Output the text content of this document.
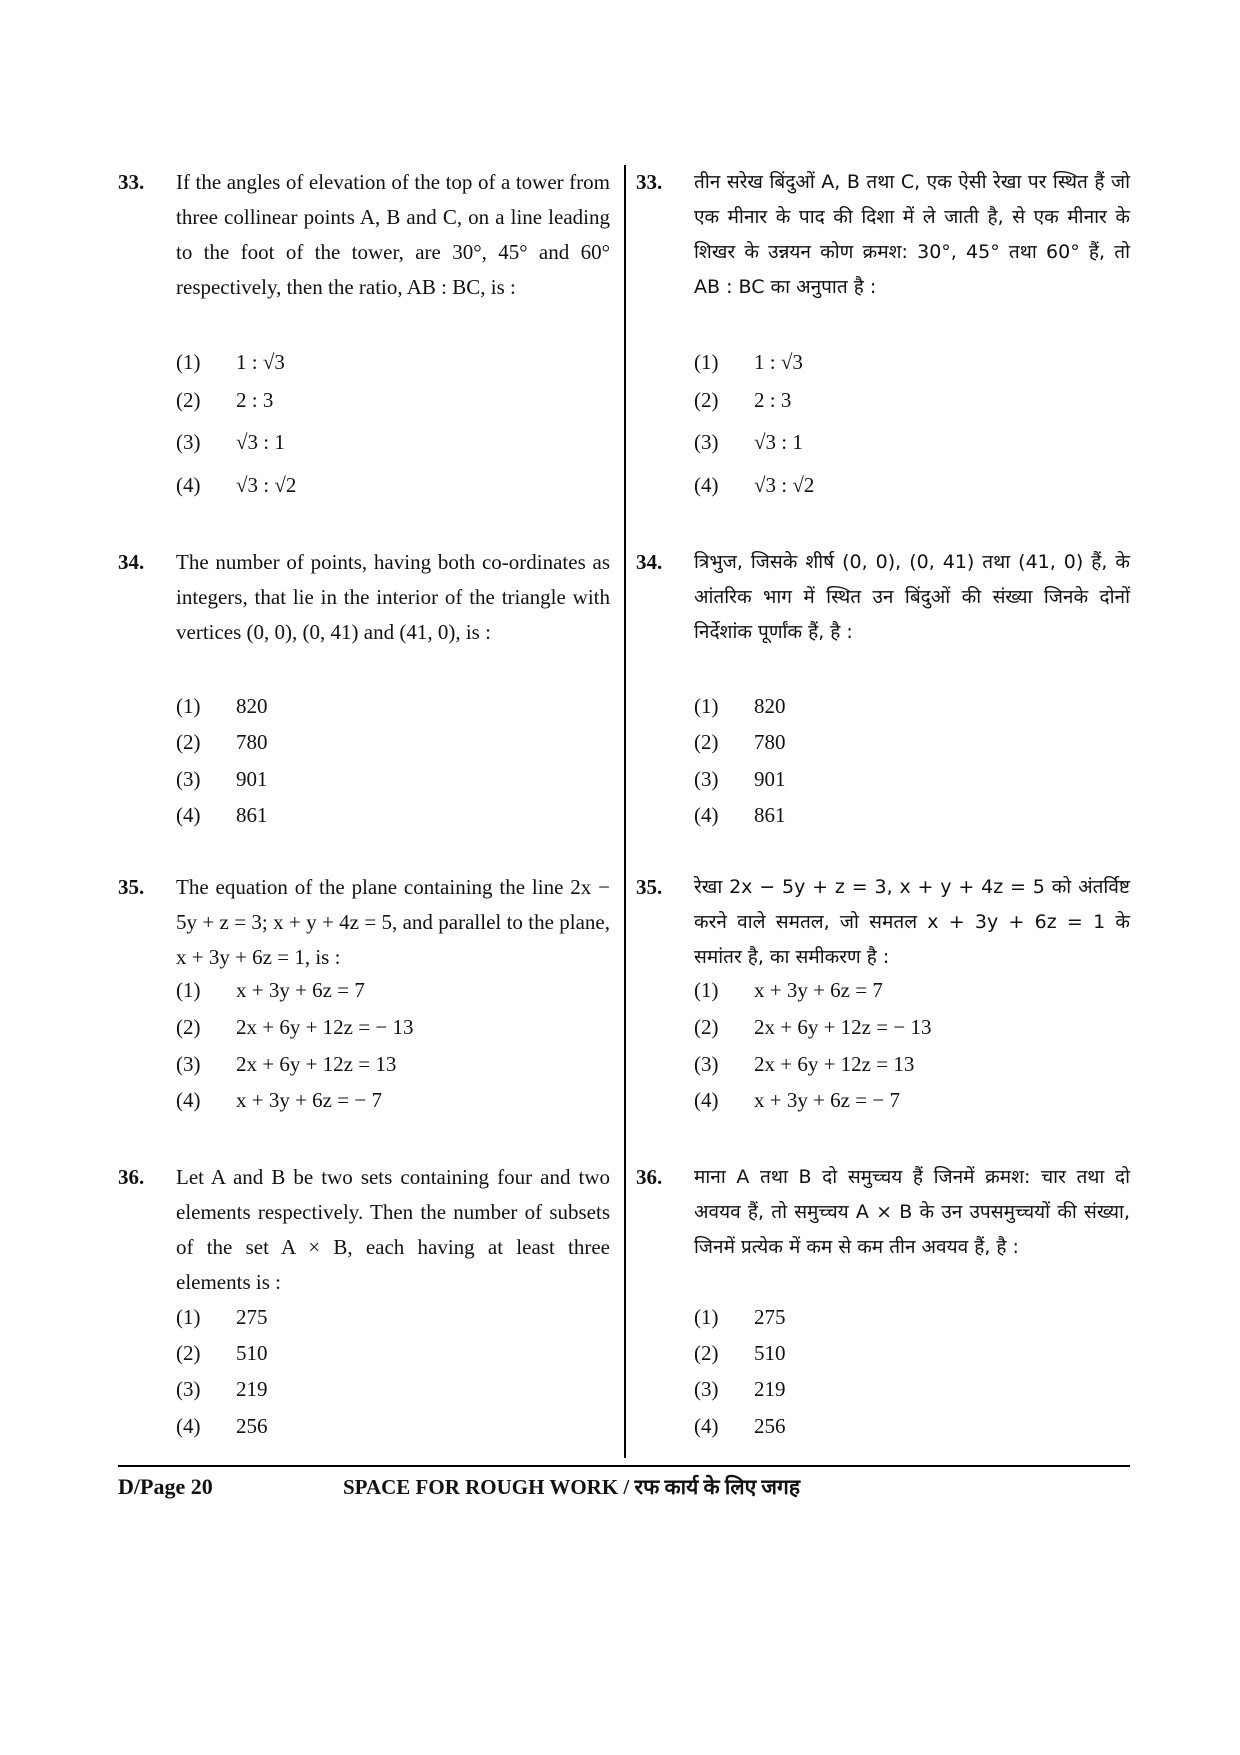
33. If the angles of elevation of the top of a tower from three collinear points A, B and C, on a line leading to the foot of the tower, are 30°, 45° and 60° respectively, then the ratio, AB : BC, is :
(1) 1 : √3
(2) 2 : 3
(3) √3 : 1
(4) √3 : √2
34. The number of points, having both co-ordinates as integers, that lie in the interior of the triangle with vertices (0, 0), (0, 41) and (41, 0), is :
(1) 820
(2) 780
(3) 901
(4) 861
35. The equation of the plane containing the line 2x − 5y + z = 3; x + y + 4z = 5, and parallel to the plane, x + 3y + 6z = 1, is :
(1) x + 3y + 6z = 7
(2) 2x + 6y + 12z = − 13
(3) 2x + 6y + 12z = 13
(4) x + 3y + 6z = − 7
36. Let A and B be two sets containing four and two elements respectively. Then the number of subsets of the set A × B, each having at least three elements is :
(1) 275
(2) 510
(3) 219
(4) 256
33. तीन सरेख बिंदुओं A, B तथा C, एक ऐसी रेखा पर स्थित हैं जो एक मीनार के पाद की दिशा में ले जाती है, से एक मीनार के शिखर के उन्नयन कोण क्रमश: 30°, 45° तथा 60° हैं, तो AB : BC का अनुपात है :
(1) 1 : √3
(2) 2 : 3
(3) √3 : 1
(4) √3 : √2
34. त्रिभुज, जिसके शीर्ष (0, 0), (0, 41) तथा (41, 0) हैं, के आंतरिक भाग में स्थित उन बिंदुओं की संख्या जिनके दोनों निर्देशांक पूर्णांक हैं, है :
(1) 820
(2) 780
(3) 901
(4) 861
35. रेखा 2x − 5y + z = 3, x + y + 4z = 5 को अंतर्विष्ट करने वाले समतल, जो समतल x + 3y + 6z = 1 के समांतर है, का समीकरण है :
(1) x + 3y + 6z = 7
(2) 2x + 6y + 12z = − 13
(3) 2x + 6y + 12z = 13
(4) x + 3y + 6z = − 7
36. माना A तथा B दो समुच्चय हैं जिनमें क्रमश: चार तथा दो अवयव हैं, तो समुच्चय A × B के उन उपसमुच्चयों की संख्या, जिनमें प्रत्येक में कम से कम तीन अवयव हैं, है :
(1) 275
(2) 510
(3) 219
(4) 256
D/Page 20	SPACE FOR ROUGH WORK / रफ कार्य के लिए जगह
